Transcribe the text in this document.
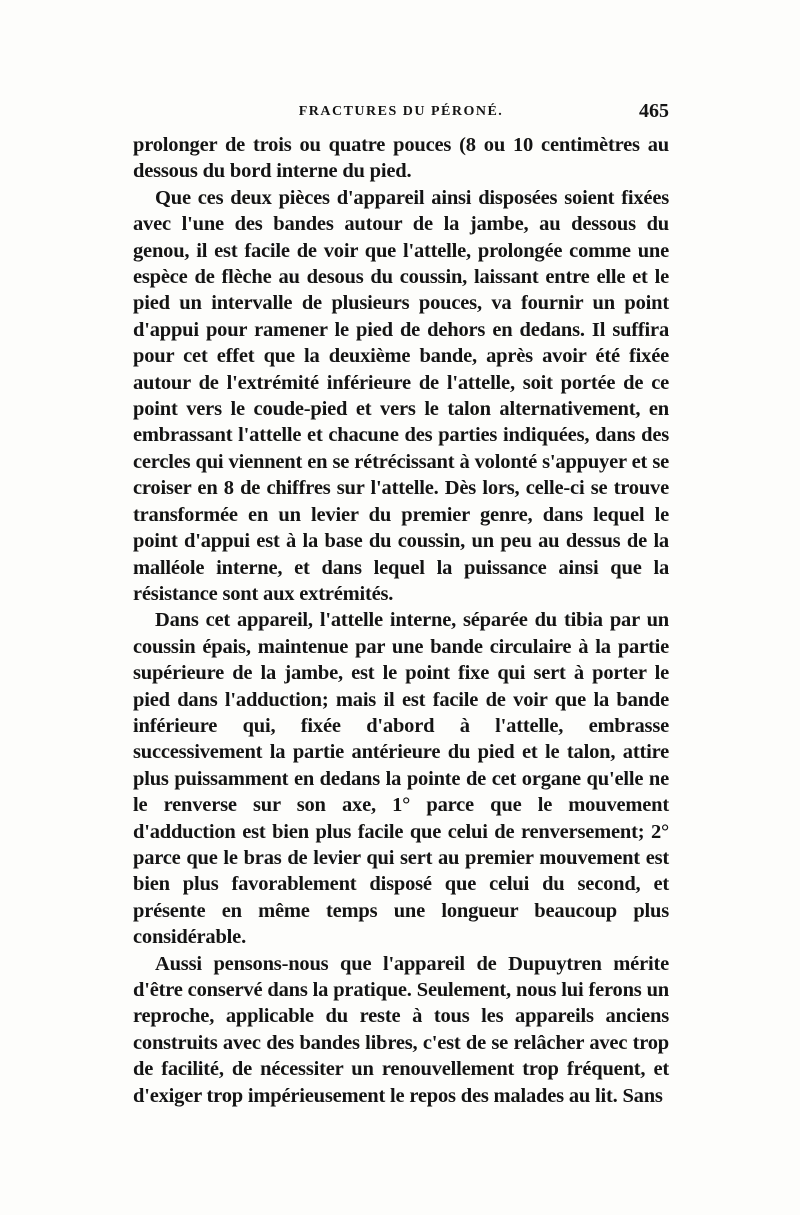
FRACTURES DU PÉRONÉ.	465

prolonger de trois ou quatre pouces (8 ou 10 centimètres au dessous du bord interne du pied.

Que ces deux pièces d'appareil ainsi disposées soient fixées avec l'une des bandes autour de la jambe, au dessous du genou, il est facile de voir que l'attelle, prolongée comme une espèce de flèche au desous du coussin, laissant entre elle et le pied un intervalle de plusieurs pouces, va fournir un point d'appui pour ramener le pied de dehors en dedans. Il suffira pour cet effet que la deuxième bande, après avoir été fixée autour de l'extrémité inférieure de l'attelle, soit portée de ce point vers le coude-pied et vers le talon alternativement, en embrassant l'attelle et chacune des parties indiquées, dans des cercles qui viennent en se rétrécissant à volonté s'appuyer et se croiser en 8 de chiffres sur l'attelle. Dès lors, celle-ci se trouve transformée en un levier du premier genre, dans lequel le point d'appui est à la base du coussin, un peu au dessus de la malléole interne, et dans lequel la puissance ainsi que la résistance sont aux extrémités.

Dans cet appareil, l'attelle interne, séparée du tibia par un coussin épais, maintenue par une bande circulaire à la partie supérieure de la jambe, est le point fixe qui sert à porter le pied dans l'adduction; mais il est facile de voir que la bande inférieure qui, fixée d'abord à l'attelle, embrasse successivement la partie antérieure du pied et le talon, attire plus puissamment en dedans la pointe de cet organe qu'elle ne le renverse sur son axe, 1° parce que le mouvement d'adduction est bien plus facile que celui de renversement; 2° parce que le bras de levier qui sert au premier mouvement est bien plus favorablement disposé que celui du second, et présente en même temps une longueur beaucoup plus considérable.

Aussi pensons-nous que l'appareil de Dupuytren mérite d'être conservé dans la pratique. Seulement, nous lui ferons un reproche, applicable du reste à tous les appareils anciens construits avec des bandes libres, c'est de se relâcher avec trop de facilité, de nécessiter un renouvellement trop fréquent, et d'exiger trop impérieusement le repos des malades au lit. Sans
